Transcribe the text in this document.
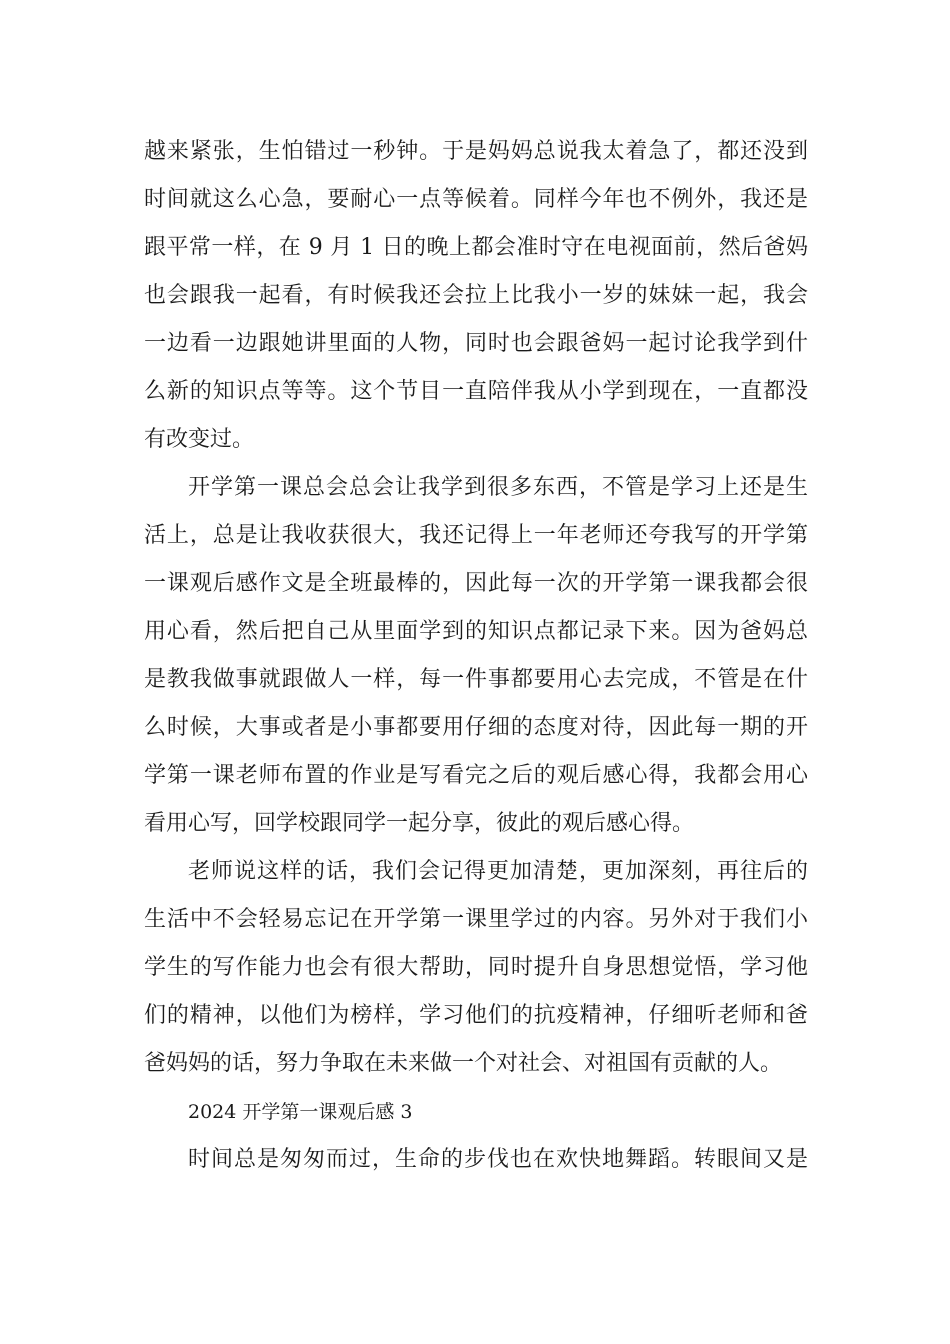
越来紧张，生怕错过一秒钟。于是妈妈总说我太着急了，都还没到
时间就这么心急，要耐心一点等候着。同样今年也不例外，我还是
跟平常一样，在 9 月 1 日的晚上都会准时守在电视面前，然后爸妈
也会跟我一起看，有时候我还会拉上比我小一岁的妹妹一起，我会
一边看一边跟她讲里面的人物，同时也会跟爸妈一起讨论我学到什
么新的知识点等等。这个节目一直陪伴我从小学到现在，一直都没
有改变过。
开学第一课总会总会让我学到很多东西，不管是学习上还是生
活上，总是让我收获很大，我还记得上一年老师还夸我写的开学第
一课观后感作文是全班最棒的，因此每一次的开学第一课我都会很
用心看，然后把自己从里面学到的知识点都记录下来。因为爸妈总
是教我做事就跟做人一样，每一件事都要用心去完成，不管是在什
么时候，大事或者是小事都要用仔细的态度对待，因此每一期的开
学第一课老师布置的作业是写看完之后的观后感心得，我都会用心
看用心写，回学校跟同学一起分享，彼此的观后感心得。
老师说这样的话，我们会记得更加清楚，更加深刻，再往后的
生活中不会轻易忘记在开学第一课里学过的内容。另外对于我们小
学生的写作能力也会有很大帮助，同时提升自身思想觉悟，学习他
们的精神，以他们为榜样，学习他们的抗疫精神，仔细听老师和爸
爸妈妈的话，努力争取在未来做一个对社会、对祖国有贡献的人。
2024 开学第一课观后感 3
时间总是匆匆而过，生命的步伐也在欢快地舞蹈。转眼间又是
